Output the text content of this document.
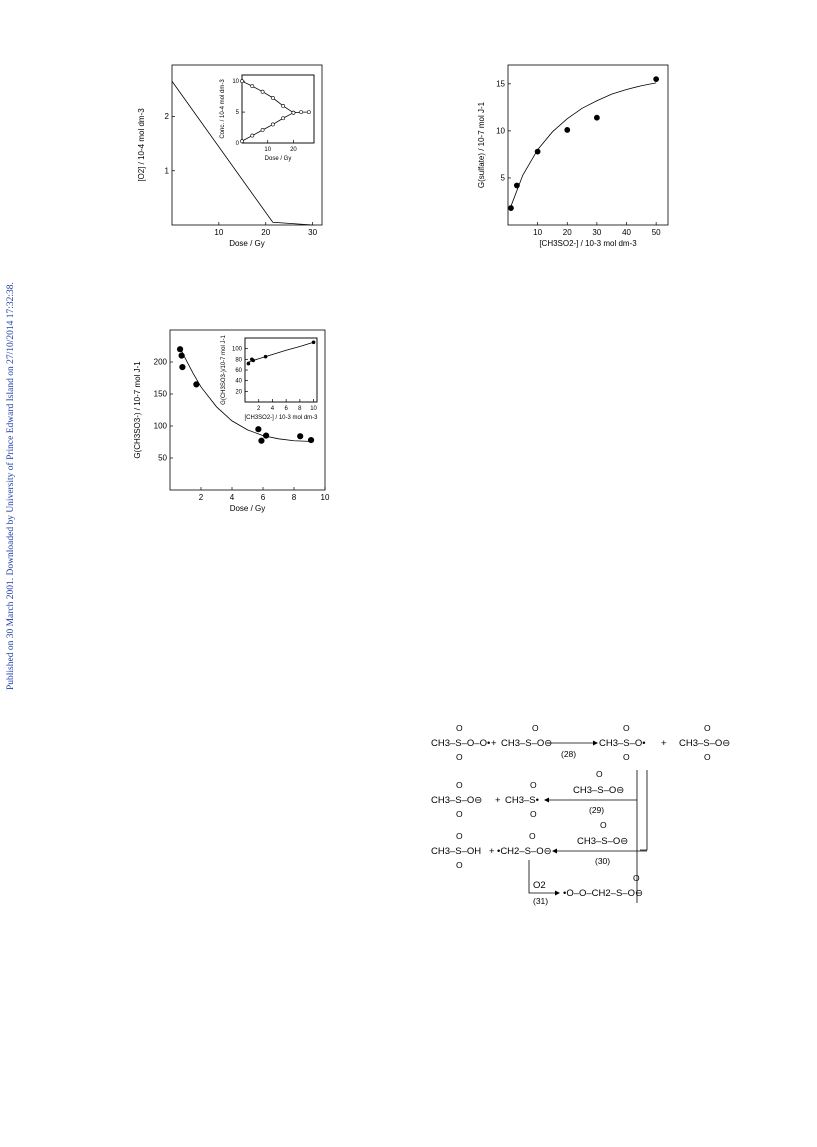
Published on 30 March 2001. Downloaded by University of Prince Edward Island on 27/10/2014 17:32:38.
10	20	30
1
2
Dose / Gy
[O2] / 10-4 mol dm-3	10	20
0
5
10
Dose / Gy
Conc. / 10-4 mol dm-3
10	20	30	40	50
5
10
15
[CH3SO2-] / 10-3 mol dm-3
G(sulfate) / 10-7 mol J-1
2	4	6	8	10
50
100
150
200
Dose / Gy
G(CH3SO3-) / 10-7 mol J-1	2 4 6 8 10
20
40
60
80
100
[CH3SO2-] / 10-3 mol dm-3
G(CH3SO3-)/10-7 mol J-1
CH3–S–O–O• + CH3–S–O⊖
(28)
CH3–S–O• + CH3–S–O⊖
O
O
O	O
O
O
O
CH3–S–O⊖ + CH3–S•
CH3–S–O⊖
(29)
O
O
O
O
O
CH3–S–OH + •CH2–S–O⊖
CH3–S–O⊖
(30)
O
O
O
O
O2
(31)
•O–O–CH2–S–O⊖
O
